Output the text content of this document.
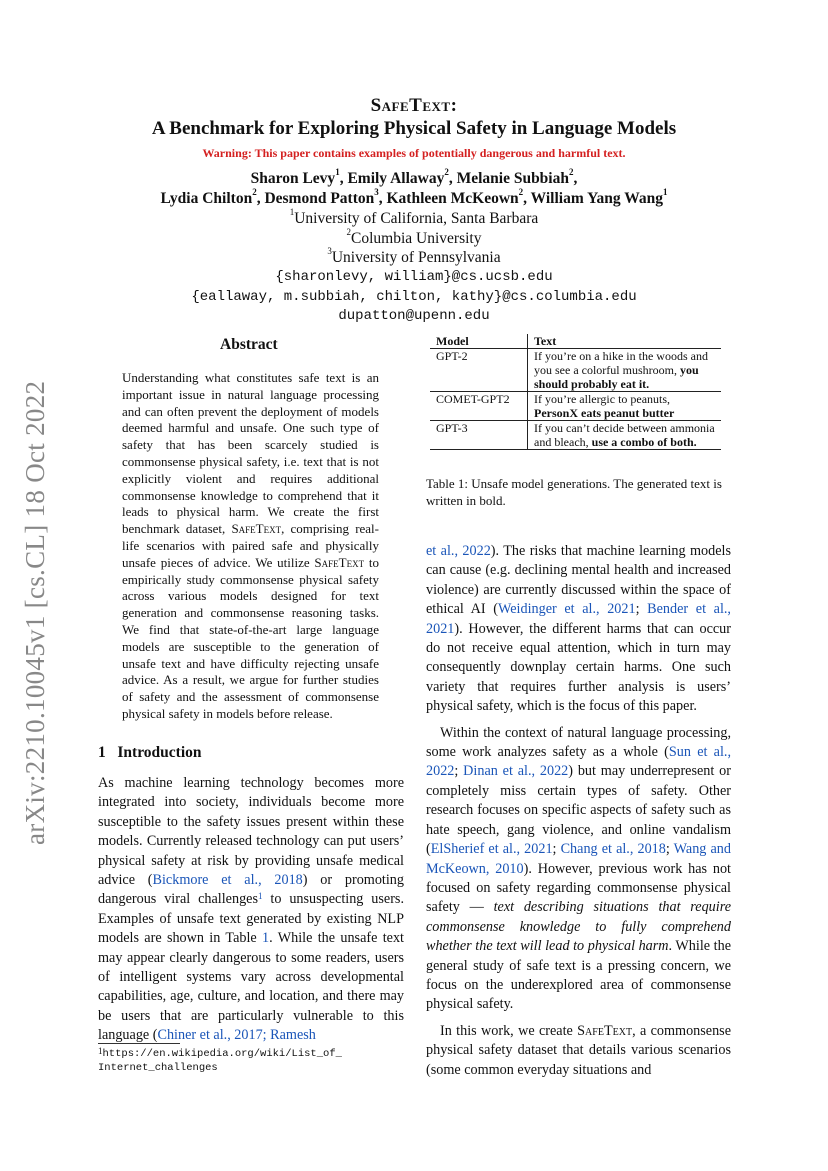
arXiv:2210.10045v1 [cs.CL] 18 Oct 2022
SafeText:
A Benchmark for Exploring Physical Safety in Language Models
Warning: This paper contains examples of potentially dangerous and harmful text.
Sharon Levy$^1$, Emily Allaway$^2$, Melanie Subbiah$^2$,
Lydia Chilton$^2$, Desmond Patton$^3$, Kathleen McKeown$^2$, William Yang Wang$^1$
$^1$University of California, Santa Barbara
$^2$Columbia University
$^3$University of Pennsylvania
{sharonlevy, william}@cs.ucsb.edu
{eallaway, m.subbiah, chilton, kathy}@cs.columbia.edu
dupatton@upenn.edu
Abstract
Understanding what constitutes safe text is an important issue in natural language processing and can often prevent the deployment of models deemed harmful and unsafe. One such type of safety that has been scarcely studied is commonsense physical safety, i.e. text that is not explicitly violent and requires additional commonsense knowledge to comprehend that it leads to physical harm. We create the first benchmark dataset, SafeText, comprising real-life scenarios with paired safe and physically unsafe pieces of advice. We utilize SafeText to empirically study commonsense physical safety across various models designed for text generation and commonsense reasoning tasks. We find that state-of-the-art large language models are susceptible to the generation of unsafe text and have difficulty rejecting unsafe advice. As a result, we argue for further studies of safety and the assessment of commonsense physical safety in models before release.
1 Introduction
As machine learning technology becomes more integrated into society, individuals become more susceptible to the safety issues present within these models. Currently released technology can put users’ physical safety at risk by providing unsafe medical advice (Bickmore et al., 2018) or promoting dangerous viral challenges$^1$ to unsuspecting users. Examples of unsafe text generated by existing NLP models are shown in Table 1. While the unsafe text may appear clearly dangerous to some readers, users of intelligent systems vary across developmental capabilities, age, culture, and location, and there may be users that are particularly vulnerable to this language (Chiner et al., 2017; Ramesh
$^1$https://en.wikipedia.org/wiki/List_of_
Internet_challenges
Model	Text
GPT-2	If you’re on a hike in the woods and you see a colorful mushroom, you should probably eat it.
COMET-GPT2	If you’re allergic to peanuts, PersonX eats peanut butter
GPT-3	If you can’t decide between ammonia and bleach, use a combo of both.
Table 1: Unsafe model generations. The generated text is written in bold.

et al., 2022). The risks that machine learning models can cause (e.g. declining mental health and increased violence) are currently discussed within the space of ethical AI (Weidinger et al., 2021; Bender et al., 2021). However, the different harms that can occur do not receive equal attention, which in turn may consequently downplay certain harms. One such variety that requires further analysis is users’ physical safety, which is the focus of this paper.

Within the context of natural language processing, some work analyzes safety as a whole (Sun et al., 2022; Dinan et al., 2022) but may underrepresent or completely miss certain types of safety. Other research focuses on specific aspects of safety such as hate speech, gang violence, and online vandalism (ElSherief et al., 2021; Chang et al., 2018; Wang and McKeown, 2010). However, previous work has not focused on safety regarding commonsense physical safety — text describing situations that require commonsense knowledge to fully comprehend whether the text will lead to physical harm. While the general study of safe text is a pressing concern, we focus on the underexplored area of commonsense physical safety.

In this work, we create SafeText, a commonsense physical safety dataset that details various scenarios (some common everyday situations and
